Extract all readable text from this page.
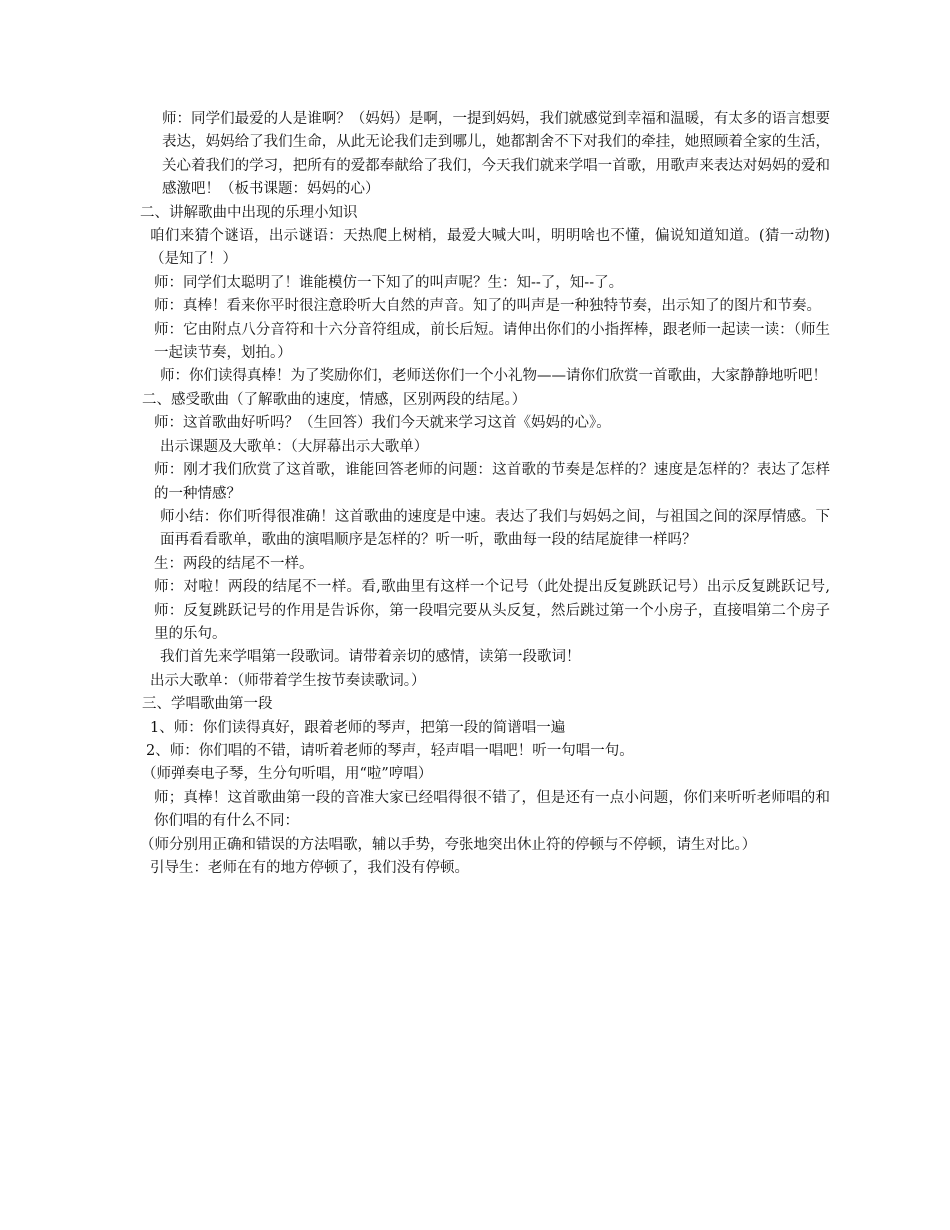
师：同学们最爱的人是谁啊？（妈妈）是啊，一提到妈妈，我们就感觉到幸福和温暖，有太多的语言想要表达，妈妈给了我们生命，从此无论我们走到哪儿，她都割舍不下对我们的牵挂，她照顾着全家的生活，关心着我们的学习，把所有的爱都奉献给了我们，今天我们就来学唱一首歌，用歌声来表达对妈妈的爱和感激吧！（板书课题：妈妈的心）

二、讲解歌曲中出现的乐理小知识

咱们来猜个谜语，出示谜语：天热爬上树梢，最爱大喊大叫，明明啥也不懂，偏说知道知道。(猜一动物)（是知了！）

师：同学们太聪明了！谁能模仿一下知了的叫声呢？生：知--了，知--了。

师：真棒！看来你平时很注意聆听大自然的声音。知了的叫声是一种独特节奏，出示知了的图片和节奏。

师：它由附点八分音符和十六分音符组成，前长后短。请伸出你们的小指挥棒，跟老师一起读一读：（师生一起读节奏，划拍。）

师：你们读得真棒！为了奖励你们，老师送你们一个小礼物——请你们欣赏一首歌曲，大家静静地听吧！

二、感受歌曲（了解歌曲的速度，情感，区别两段的结尾。）

师：这首歌曲好听吗？（生回答）我们今天就来学习这首《妈妈的心》。

出示课题及大歌单：（大屏幕出示大歌单）

师：刚才我们欣赏了这首歌，谁能回答老师的问题：这首歌的节奏是怎样的？速度是怎样的？表达了怎样的一种情感？

师小结：你们听得很准确！这首歌曲的速度是中速。表达了我们与妈妈之间，与祖国之间的深厚情感。下面再看看歌单，歌曲的演唱顺序是怎样的？听一听，歌曲每一段的结尾旋律一样吗？

生：两段的结尾不一样。

师：对啦！两段的结尾不一样。看,歌曲里有这样一个记号（此处提出反复跳跃记号）出示反复跳跃记号,师：反复跳跃记号的作用是告诉你，第一段唱完要从头反复，然后跳过第一个小房子，直接唱第二个房子里的乐句。

我们首先来学唱第一段歌词。请带着亲切的感情，读第一段歌词！

出示大歌单：（师带着学生按节奏读歌词。）

三、学唱歌曲第一段

1、师：你们读得真好，跟着老师的琴声，把第一段的简谱唱一遍

2、师：你们唱的不错，请听着老师的琴声，轻声唱一唱吧！听一句唱一句。

（师弹奏电子琴，生分句听唱，用“啦”哼唱）

师；真棒！这首歌曲第一段的音准大家已经唱得很不错了，但是还有一点小问题，你们来听听老师唱的和你们唱的有什么不同：

（师分别用正确和错误的方法唱歌，辅以手势，夸张地突出休止符的停顿与不停顿，请生对比。）

引导生：老师在有的地方停顿了，我们没有停顿。
